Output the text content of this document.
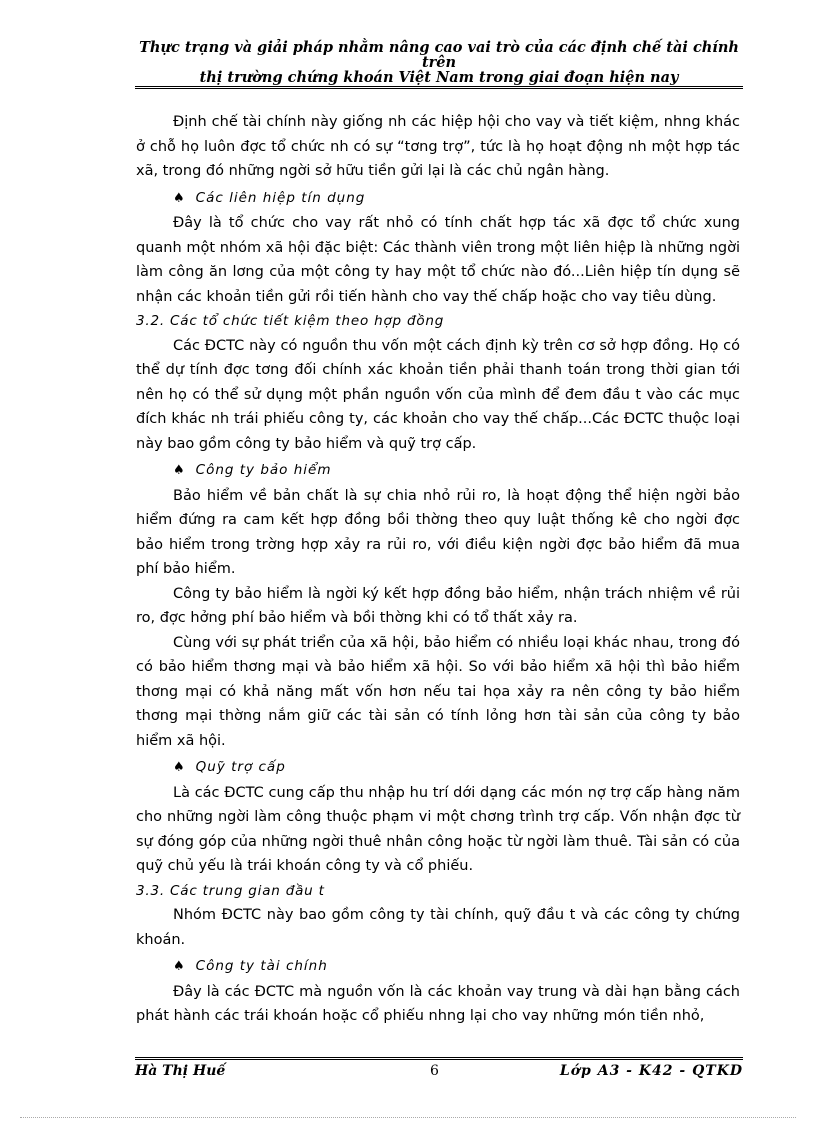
Thực trạng và giải pháp nhằm nâng cao vai trò của các định chế tài chính trên
thị trường chứng khoán Việt Nam trong giai đoạn hiện nay

Định chế tài chính này giống nh các hiệp hội cho vay và tiết kiệm, nhng khác ở chỗ họ luôn đợc tổ chức nh có sự “tơng trợ”, tức là họ hoạt động nh một hợp tác xã, trong đó những ngời sở hữu tiền gửi lại là các chủ ngân hàng.

♠ Các liên hiệp tín dụng

Đây là tổ chức cho vay rất nhỏ có tính chất hợp tác xã đợc tổ chức xung quanh một nhóm xã hội đặc biệt: Các thành viên trong một liên hiệp là những ngời làm công ăn lơng của một công ty hay một tổ chức nào đó...Liên hiệp tín dụng sẽ nhận các khoản tiền gửi rồi tiến hành cho vay thế chấp hoặc cho vay tiêu dùng.

3.2. Các tổ chức tiết kiệm theo hợp đồng

Các ĐCTC này có nguồn thu vốn một cách định kỳ trên cơ sở hợp đồng. Họ có thể dự tính đợc tơng đối chính xác khoản tiền phải thanh toán trong thời gian tới nên họ có thể sử dụng một phần nguồn vốn của mình để đem đầu t vào các mục đích khác nh trái phiếu công ty, các khoản cho vay thế chấp...Các ĐCTC thuộc loại này bao gồm công ty bảo hiểm và quỹ trợ cấp.

♠ Công ty bảo hiểm

Bảo hiểm về bản chất là sự chia nhỏ rủi ro, là hoạt động thể hiện ngời bảo hiểm đứng ra cam kết hợp đồng bồi thờng theo quy luật thống kê cho ngời đợc bảo hiểm trong trờng hợp xảy ra rủi ro, với điều kiện ngời đợc bảo hiểm đã mua phí bảo hiểm.

Công ty bảo hiểm là ngời ký kết hợp đồng bảo hiểm, nhận trách nhiệm về rủi ro, đợc hởng phí bảo hiểm và bồi thờng khi có tổ thất xảy ra.

Cùng với sự phát triển của xã hội, bảo hiểm có nhiều loại khác nhau, trong đó có bảo hiểm thơng mại và bảo hiểm xã hội. So với bảo hiểm xã hội thì bảo hiểm thơng mại có khả năng mất vốn hơn nếu tai họa xảy ra nên công ty bảo hiểm thơng mại thờng nắm giữ các tài sản có tính lỏng hơn tài sản của công ty bảo hiểm xã hội.

♠ Quỹ trợ cấp

Là các ĐCTC cung cấp thu nhập hu trí dới dạng các món nợ trợ cấp hàng năm cho những ngời làm công thuộc phạm vi một chơng trình trợ cấp. Vốn nhận đợc từ sự đóng góp của những ngời thuê nhân công hoặc từ ngời làm thuê. Tài sản có của quỹ chủ yếu là trái khoán công ty và cổ phiếu.

3.3. Các trung gian đầu t

Nhóm ĐCTC này bao gồm công ty tài chính, quỹ đầu t và các công ty chứng khoán.

♠ Công ty tài chính

Đây là các ĐCTC mà nguồn vốn là các khoản vay trung và dài hạn bằng cách phát hành các trái khoán hoặc cổ phiếu nhng lại cho vay những món tiền nhỏ,

Hà Thị Huế	6	Lớp A3 - K42 - QTKD
